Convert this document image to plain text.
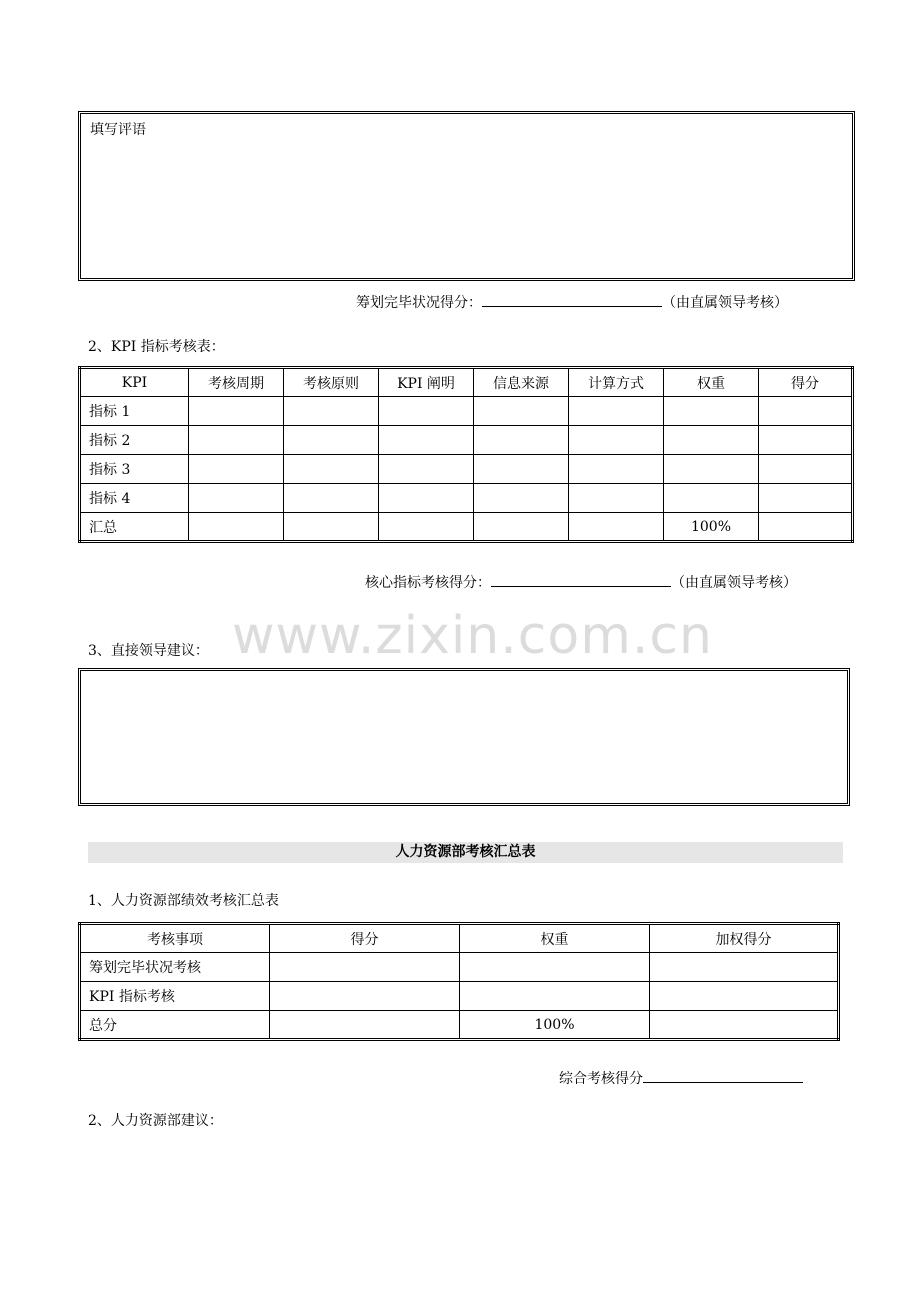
填写评语
筹划完毕状况得分：	（由直属领导考核）
2、KPI 指标考核表：
KPI	考核周期	考核原则	KPI 阐明	信息来源	计算方式	权重	得分
指标 1							
指标 2							
指标 3							
指标 4							
汇总						100%	
核心指标考核得分：	（由直属领导考核）
www.zixin.com.cn
3、直接领导建议：
人力资源部考核汇总表
1、人力资源部绩效考核汇总表
考核事项	得分	权重	加权得分
筹划完毕状况考核			
KPI 指标考核			
总分		100%	
综合考核得分
2、人力资源部建议：
